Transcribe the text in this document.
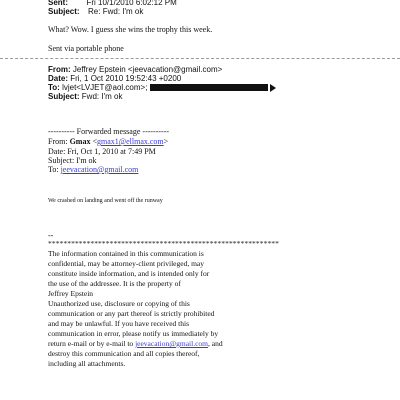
Sent: Fri 10/1/2010 6:02:12 PM
Subject: Re: Fwd: I'm ok
What? Wow. I guess she wins the trophy this week.
Sent via portable phone
From: Jeffrey Epstein <jeevacation@gmail.com>
Date: Fri, 1 Oct 2010 19:52:43 +0200
To: lvjet<LVJET@aol.com>;
Subject: Fwd: I'm ok
---------- Forwarded message ----------
From: Gmax <gmax1@ellmax.com>
Date: Fri, Oct 1, 2010 at 7:49 PM
Subject: I'm ok
To: jeevacation@gmail.com
We crashed on landing and went off the runway
--
************************************************************
The information contained in this communication is
confidential, may be attorney-client privileged, may
constitute inside information, and is intended only for
the use of the addressee. It is the property of
Jeffrey Epstein
Unauthorized use, disclosure or copying of this
communication or any part thereof is strictly prohibited
and may be unlawful. If you have received this
communication in error, please notify us immediately by
return e-mail or by e-mail to jeevacation@gmail.com, and
destroy this communication and all copies thereof,
including all attachments.
